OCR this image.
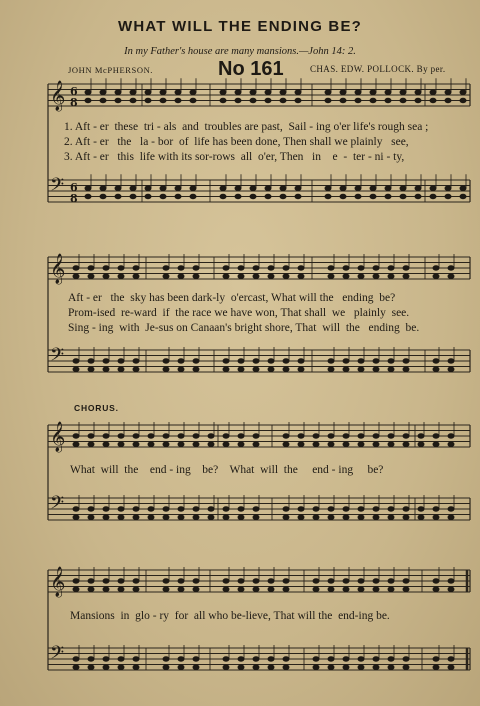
WHAT WILL THE ENDING BE?
In my Father's house are many mansions.—John 14: 2.
JOHN McPHERSON.	No 161	CHAS. EDW. POLLOCK. By per.
𝄞 6
8
𝄢 6
8
𝄞
𝄢
𝄞
𝄢
𝄞
𝄢
1. Aft - er  these  tri - als  and  troubles are past,  Sail - ing o'er life's rough sea ;
2. Aft - er   the   la - bor  of  life has been done, Then shall we plainly   see,
3. Aft - er   this  life with its sor-rows  all  o'er, Then   in    e  -  ter - ni - ty,
Aft - er   the  sky has been dark-ly  o'ercast, What will the   ending  be?
Prom-ised  re-ward  if  the race we have won, That shall  we   plainly  see.
Sing - ing  with  Je-sus on Canaan's bright shore, That  will  the   ending  be.
CHORUS.
What  will  the    end - ing    be?    What  will  the     end - ing     be?
Mansions  in  glo - ry  for  all who be-lieve, That will the  end-ing be.
